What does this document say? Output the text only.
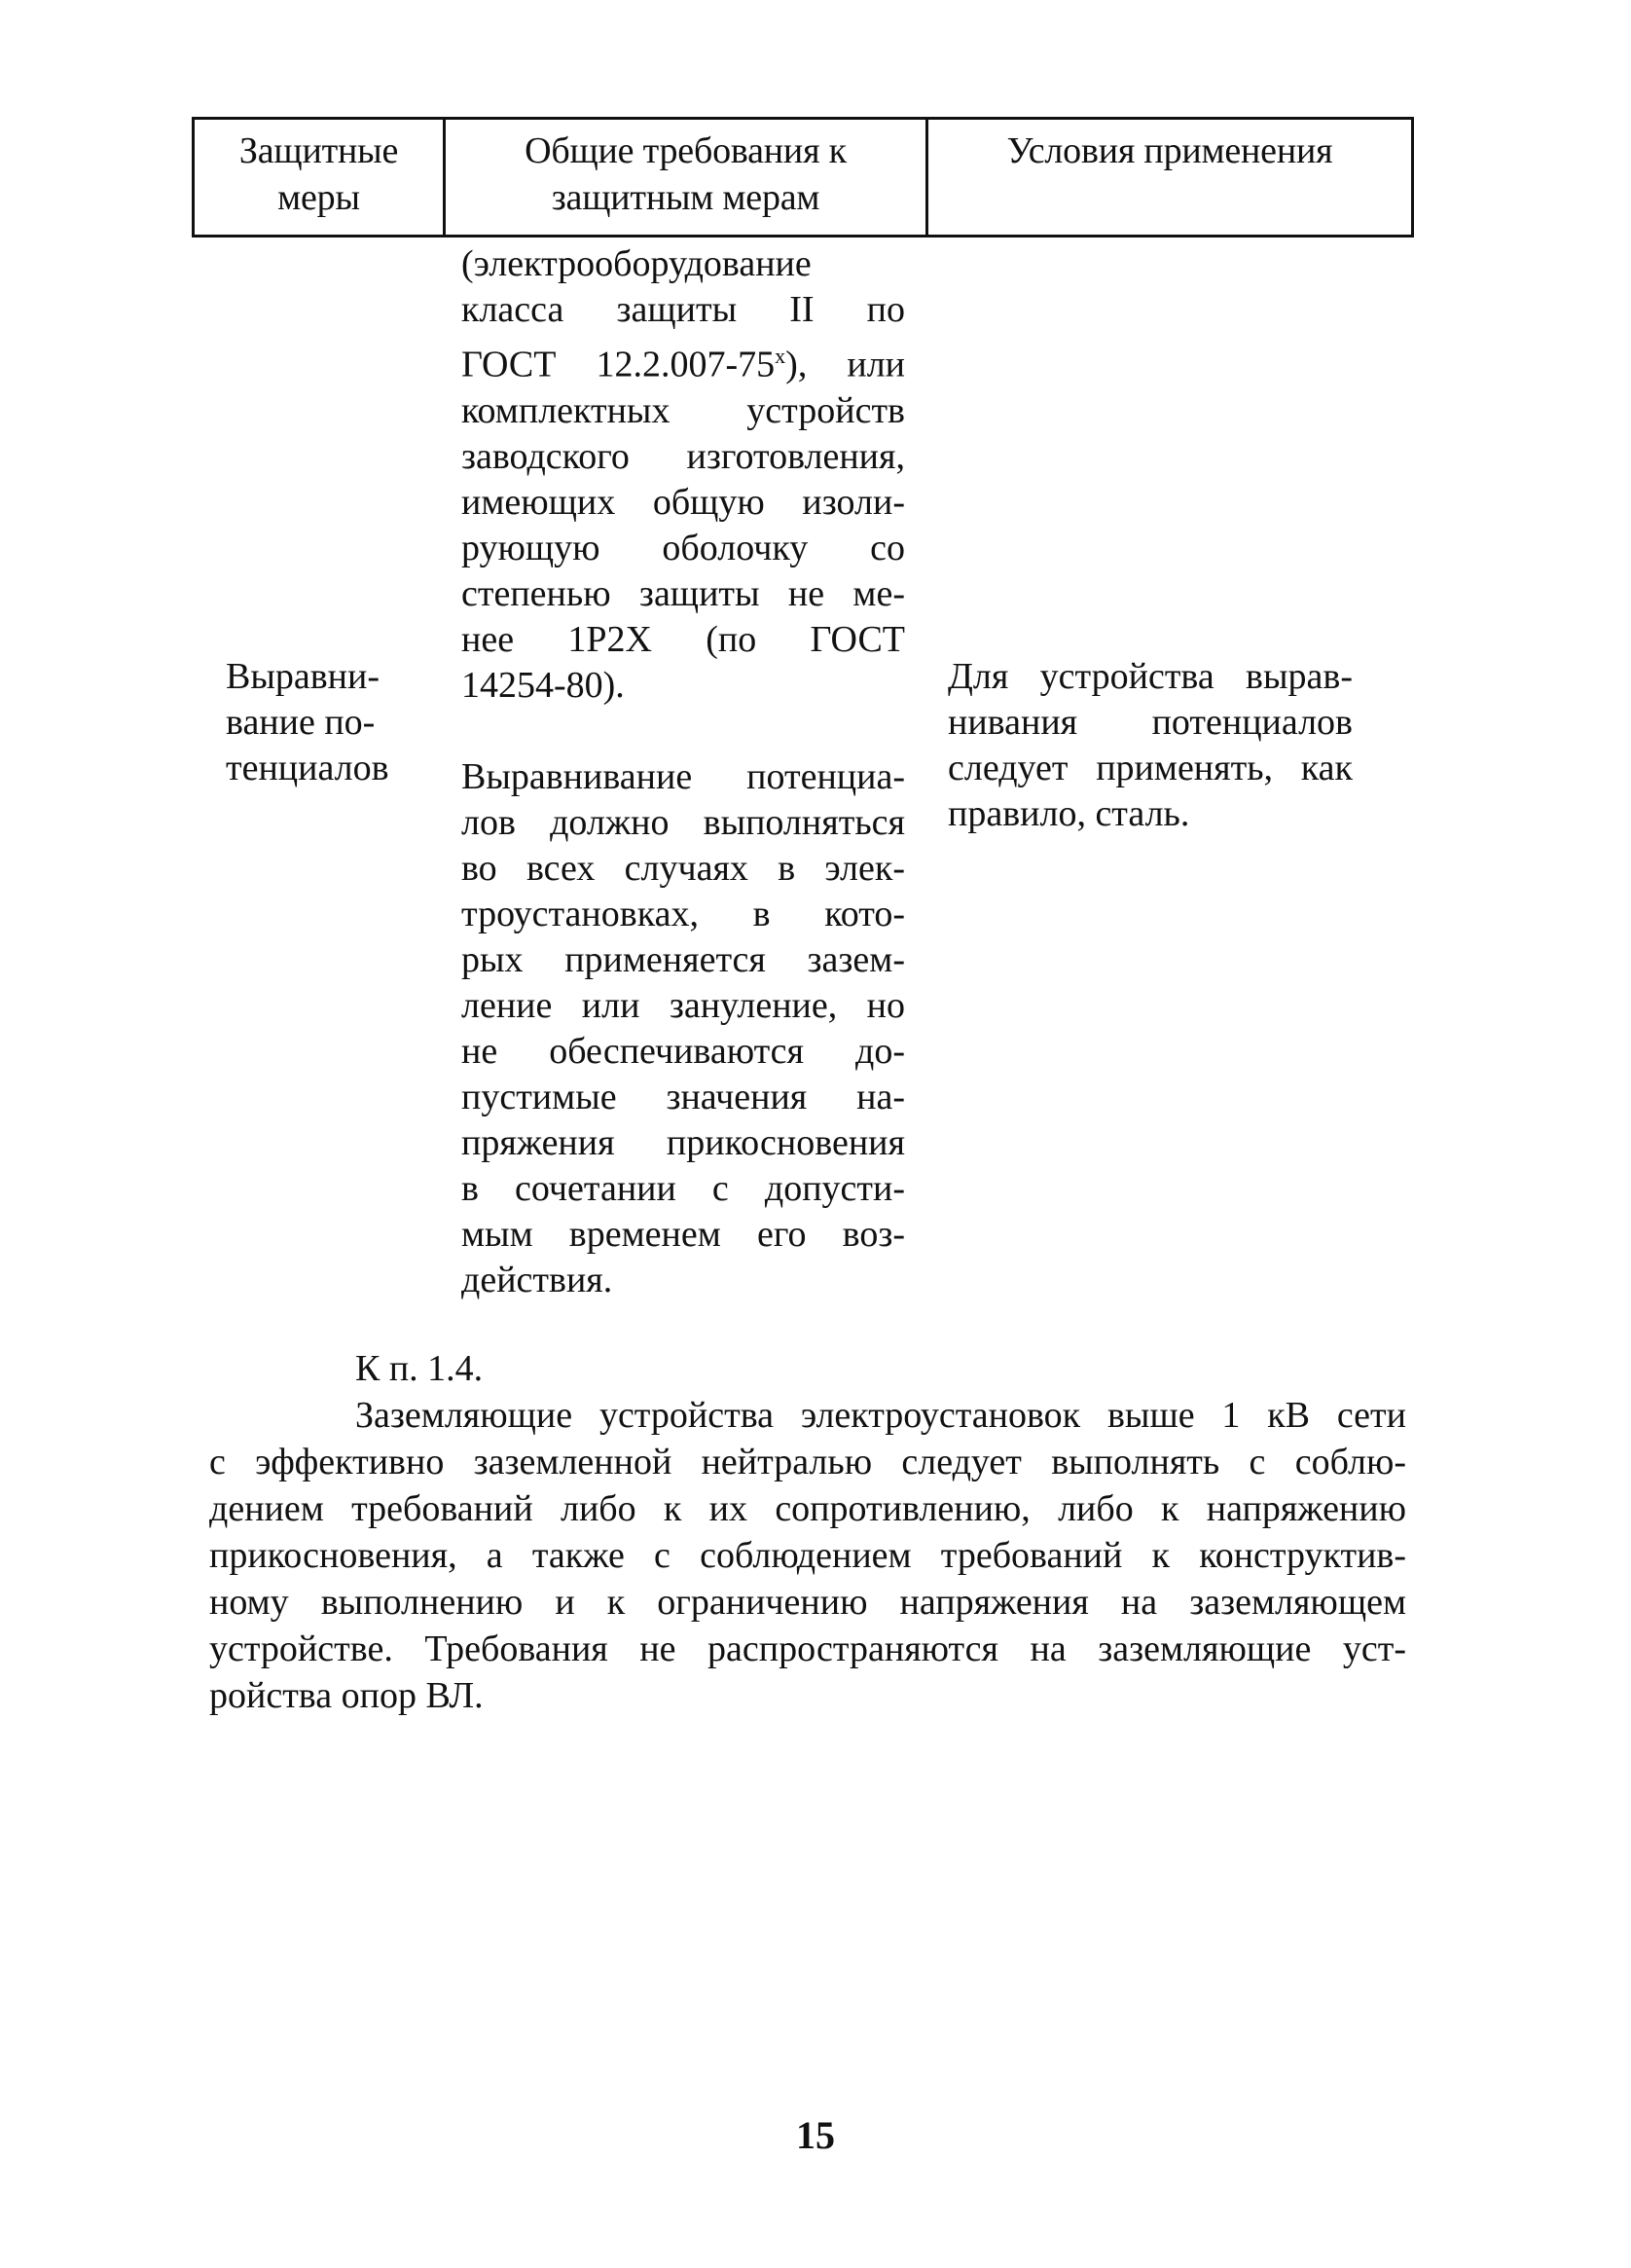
Защитные
меры
Общие требования к
защитным мерам
Условия применения
Выравни-
вание по-
тенциалов
(электрооборудование
класса защиты II по
ГОСТ $12.2.007-75^х$), или
комплектных устройств
заводского изготовления,
имеющих общую изоли-
рующую оболочку со
степенью защиты не ме-
нее 1Р2Х (по ГОСТ
14254-80).
Выравнивание потенциа-
лов должно выполняться
во всех случаях в элек-
троустановках, в кото-
рых применяется зазем-
ление или зануление, но
не обеспечиваются до-
пустимые значения на-
пряжения прикосновения
в сочетании с допусти-
мым временем его воз-
действия.
Для устройства вырав-
нивания потенциалов
следует применять, как
правило, сталь.
К п. 1.4.
Заземляющие устройства электроустановок выше 1 кВ сети
с эффективно заземленной нейтралью следует выполнять с соблю-
дением требований либо к их сопротивлению, либо к напряжению
прикосновения, а также с соблюдением требований к конструктив-
ному выполнению и к ограничению напряжения на заземляющем
устройстве. Требования не распространяются на заземляющие уст-
ройства опор ВЛ.
15
